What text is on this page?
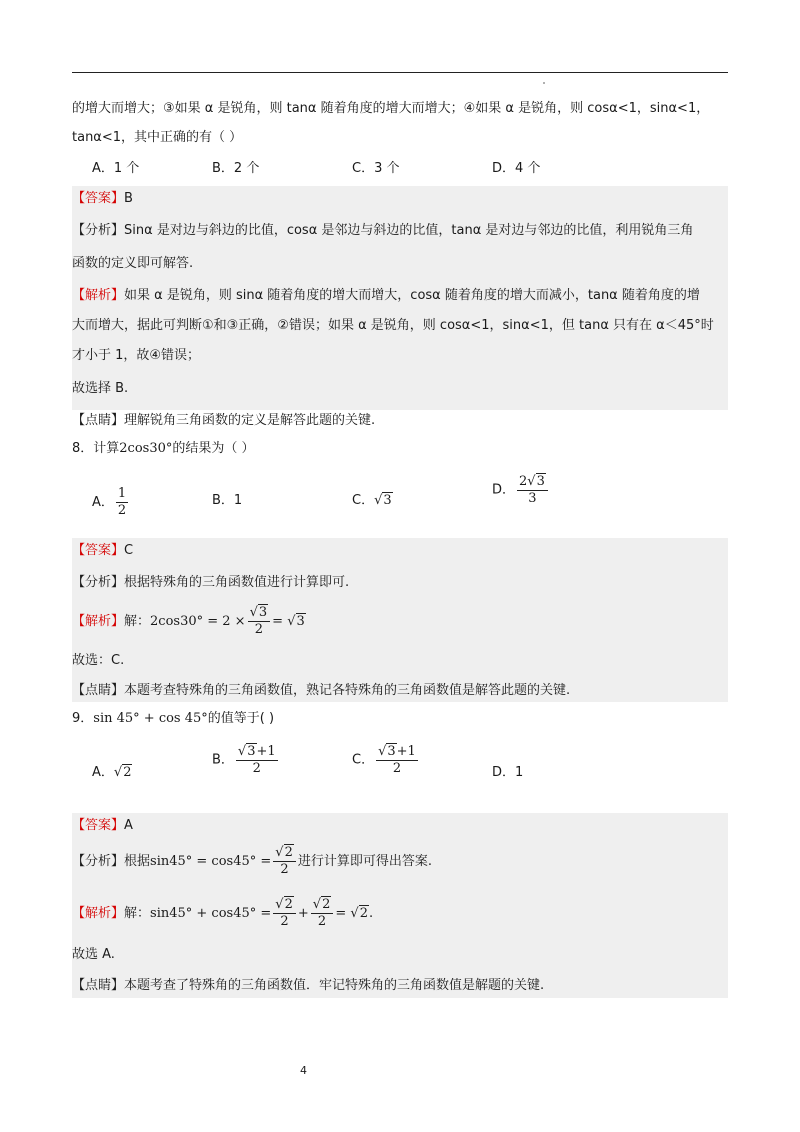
的增大而增大；③如果 α 是锐角，则 tanα 随着角度的增大而增大；④如果 α 是锐角，则 cosα<1，sinα<1，
tanα<1，其中正确的有（ ）
A．1 个	B．2 个	C．3 个	D．4 个
【答案】B
【分析】Sinα 是对边与斜边的比值，cosα 是邻边与斜边的比值，tanα 是对边与邻边的比值，利用锐角三角
函数的定义即可解答.
【解析】如果 α 是锐角，则 sinα 随着角度的增大而增大，cosα 随着角度的增大而减小，tanα 随着角度的增
大而增大，据此可判断①和③正确，②错误；如果 α 是锐角，则 cosα<1，sinα<1，但 tanα 只有在 α＜45°时
才小于 1，故④错误；
故选择 B.
【点睛】理解锐角三角函数的定义是解答此题的关键.
8．计算2cos30°的结果为（ ）
A． $\frac{1}{2}$	B．1	C．√3
D． $\frac{2√3}{3}$
【答案】C
【分析】根据特殊角的三角函数值进行计算即可.
【解析】解：$2\cos 30^\circ = 2 \times \frac{√3}{2} = √3$
故选：C.
【点睛】本题考查特殊角的三角函数值，熟记各特殊角的三角函数值是解答此题的关键.
9．sin 45° + cos 45°的值等于( )
A．√2
B． $\frac{√3+1}{2}$	C． $\frac{√3+1}{2}$	D．1
【答案】A
【分析】根据$\sin 45^\circ = \cos 45^\circ = \frac{√2}{2}$ 进行计算即可得出答案.
【解析】解：$\sin 45^\circ + \cos 45^\circ = \frac{√2}{2} + \frac{√2}{2} = √2$.
故选 A.
【点睛】本题考查了特殊角的三角函数值．牢记特殊角的三角函数值是解题的关键.
4
